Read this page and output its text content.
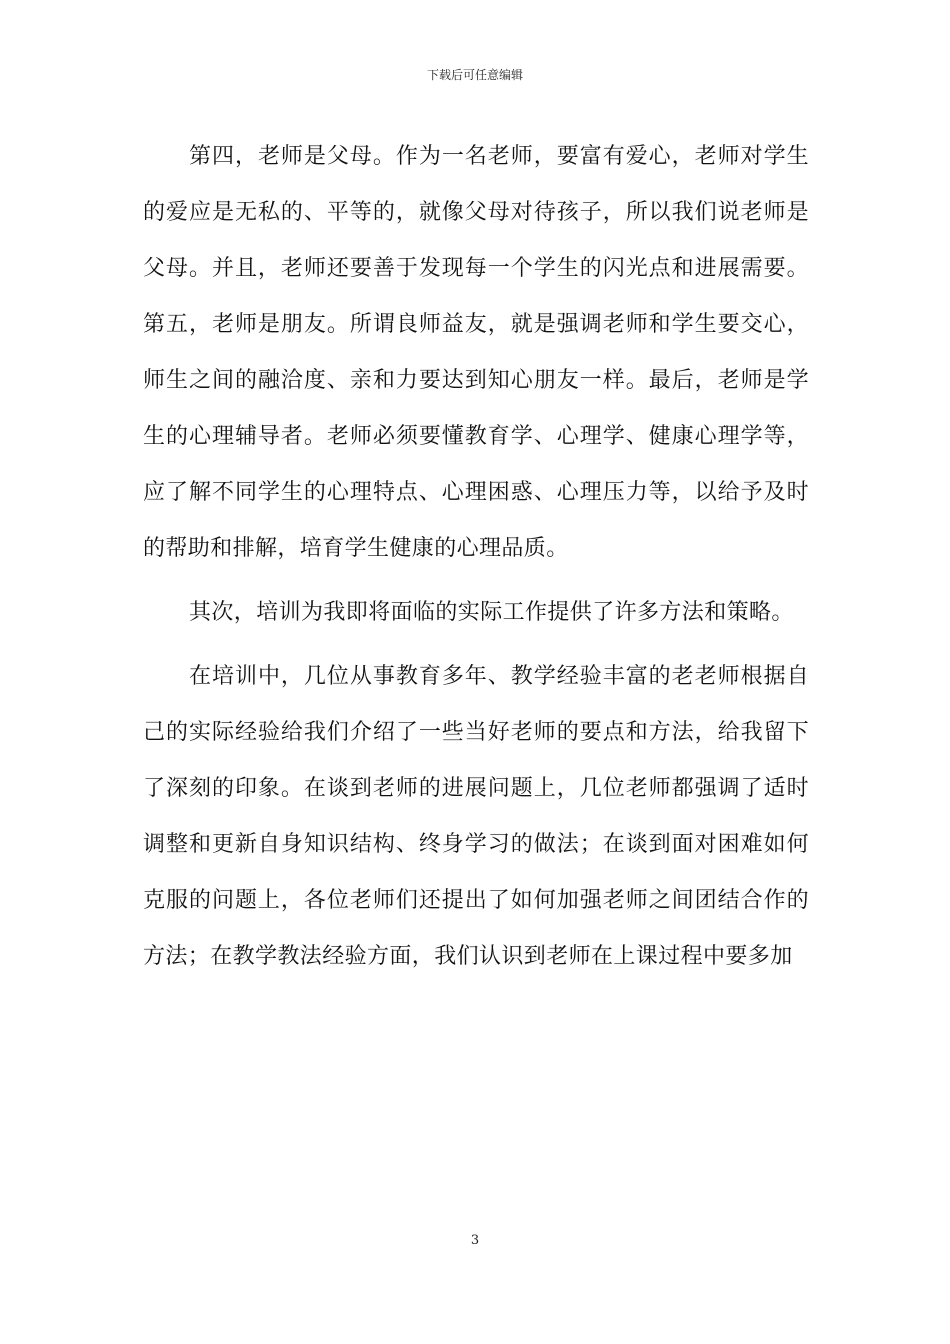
下载后可任意编辑

第四，老师是父母。作为一名老师，要富有爱心，老师对学生的爱应是无私的、平等的，就像父母对待孩子，所以我们说老师是父母。并且，老师还要善于发现每一个学生的闪光点和进展需要。第五，老师是朋友。所谓良师益友，就是强调老师和学生要交心，师生之间的融洽度、亲和力要达到知心朋友一样。最后，老师是学生的心理辅导者。老师必须要懂教育学、心理学、健康心理学等，应了解不同学生的心理特点、心理困惑、心理压力等，以给予及时的帮助和排解，培育学生健康的心理品质。

其次，培训为我即将面临的实际工作提供了许多方法和策略。

在培训中，几位从事教育多年、教学经验丰富的老老师根据自己的实际经验给我们介绍了一些当好老师的要点和方法，给我留下了深刻的印象。在谈到老师的进展问题上，几位老师都强调了适时调整和更新自身知识结构、终身学习的做法；在谈到面对困难如何克服的问题上，各位老师们还提出了如何加强老师之间团结合作的方法；在教学教法经验方面，我们认识到老师在上课过程中要多加

3
